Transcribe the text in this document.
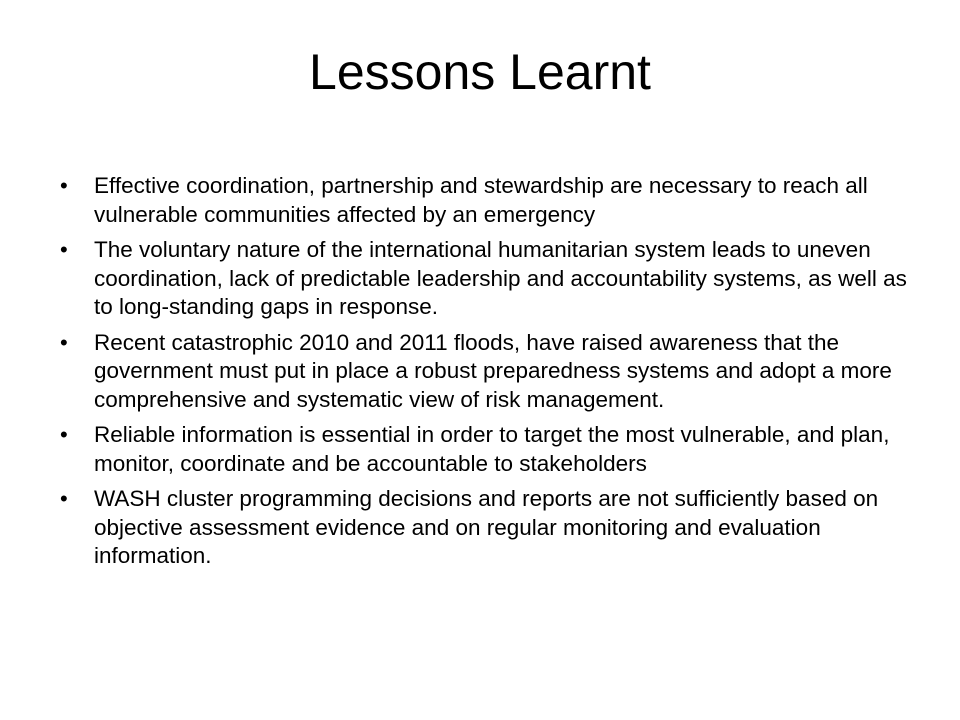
Lessons Learnt
• Effective coordination, partnership and stewardship are necessary to reach all vulnerable communities affected by an emergency
• The voluntary nature of the international humanitarian system leads to uneven coordination, lack of predictable leadership and accountability systems, as well as to long-standing gaps in response.
• Recent catastrophic 2010 and 2011 floods, have raised awareness that the government must put in place a robust preparedness systems and adopt a more comprehensive and systematic view of risk management.
• Reliable information is essential in order to target the most vulnerable, and plan, monitor, coordinate and be accountable to stakeholders
• WASH cluster programming decisions and reports are not sufficiently based on objective assessment evidence and on regular monitoring and evaluation information.
